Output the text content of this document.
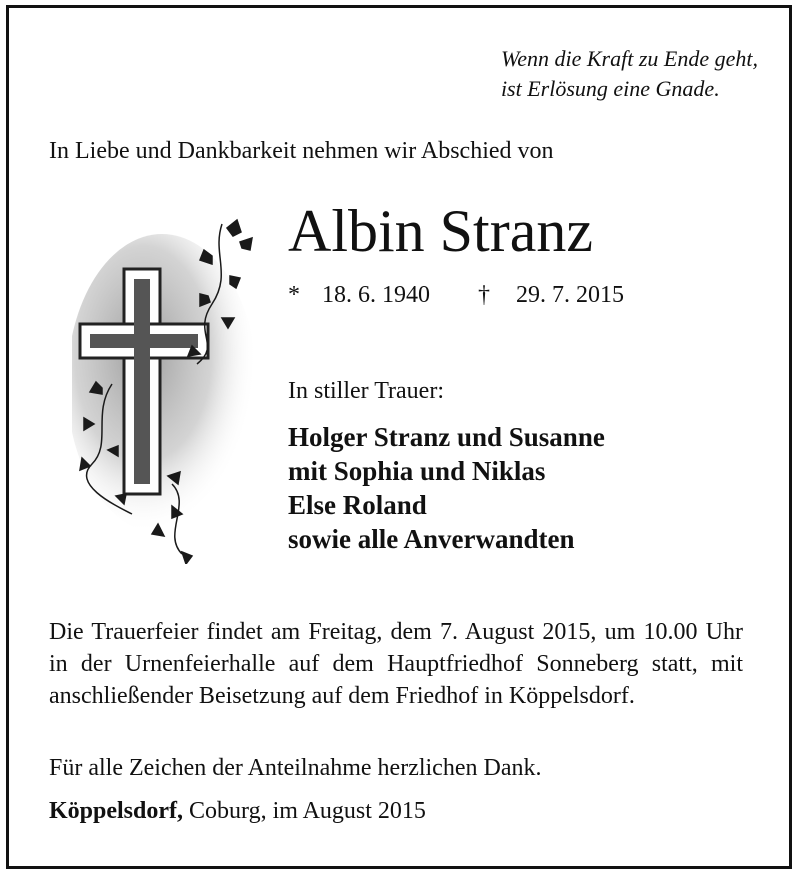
Wenn die Kraft zu Ende geht,
ist Erlösung eine Gnade.
In Liebe und Dankbarkeit nehmen wir Abschied von
Albin Stranz
* 18. 6. 1940 † 29. 7. 2015
In stiller Trauer:
Holger Stranz und Susanne
mit Sophia und Niklas
Else Roland
sowie alle Anverwandten
Die Trauerfeier findet am Freitag, dem 7. August 2015, um 10.00 Uhr in der Urnenfeierhalle auf dem Hauptfriedhof Sonneberg statt, mit anschließender Beisetzung auf dem Friedhof in Köppelsdorf.
Für alle Zeichen der Anteilnahme herzlichen Dank.
Köppelsdorf, Coburg, im August 2015
